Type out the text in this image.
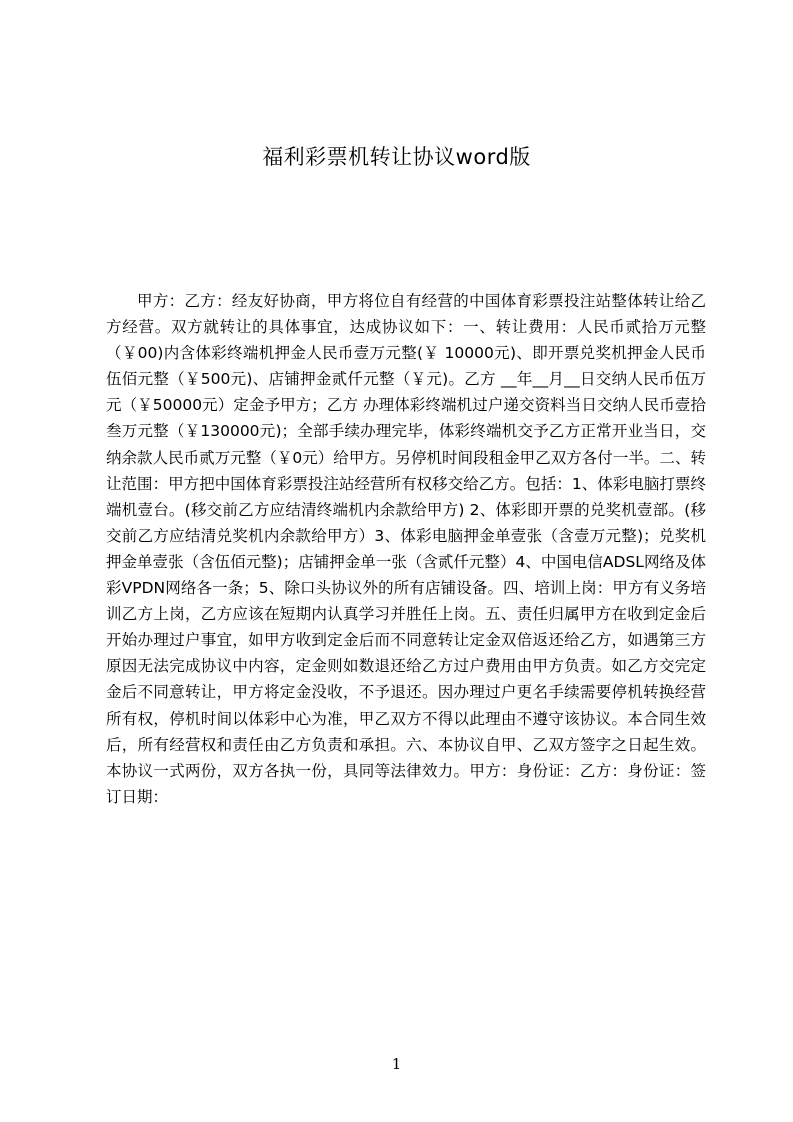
福利彩票机转让协议word版

甲方：乙方：经友好协商，甲方将位自有经营的中国体育彩票投注站整体转让给乙方经营。双方就转让的具体事宜，达成协议如下：一、转让费用：人民币贰拾万元整（￥00)内含体彩终端机押金人民币壹万元整(￥ 10000元)、即开票兑奖机押金人民币伍佰元整（￥500元)、店铺押金贰仟元整（￥元)。乙方 __年__月__日交纳人民币伍万元（￥50000元）定金予甲方；乙方 办理体彩终端机过户递交资料当日交纳人民币壹拾叁万元整（￥130000元)；全部手续办理完毕，体彩终端机交予乙方正常开业当日，交纳余款人民币贰万元整（￥0元）给甲方。另停机时间段租金甲乙双方各付一半。二、转让范围：甲方把中国体育彩票投注站经营所有权移交给乙方。包括：1、体彩电脑打票终端机壹台。(移交前乙方应结清终端机内余款给甲方) 2、体彩即开票的兑奖机壹部。(移交前乙方应结清兑奖机内余款给甲方）3、体彩电脑押金单壹张（含壹万元整)；兑奖机押金单壹张（含伍佰元整)；店铺押金单一张（含贰仟元整）4、中国电信ADSL网络及体彩VPDN网络各一条；5、除口头协议外的所有店铺设备。四、培训上岗：甲方有义务培训乙方上岗，乙方应该在短期内认真学习并胜任上岗。五、责任归属甲方在收到定金后开始办理过户事宜，如甲方收到定金后而不同意转让定金双倍返还给乙方，如遇第三方原因无法完成协议中内容，定金则如数退还给乙方过户费用由甲方负责。如乙方交完定金后不同意转让，甲方将定金没收，不予退还。因办理过户更名手续需要停机转换经营所有权，停机时间以体彩中心为准，甲乙双方不得以此理由不遵守该协议。本合同生效后，所有经营权和责任由乙方负责和承担。六、本协议自甲、乙双方签字之日起生效。本协议一式两份，双方各执一份，具同等法律效力。甲方：身份证：乙方：身份证：签订日期：

1
